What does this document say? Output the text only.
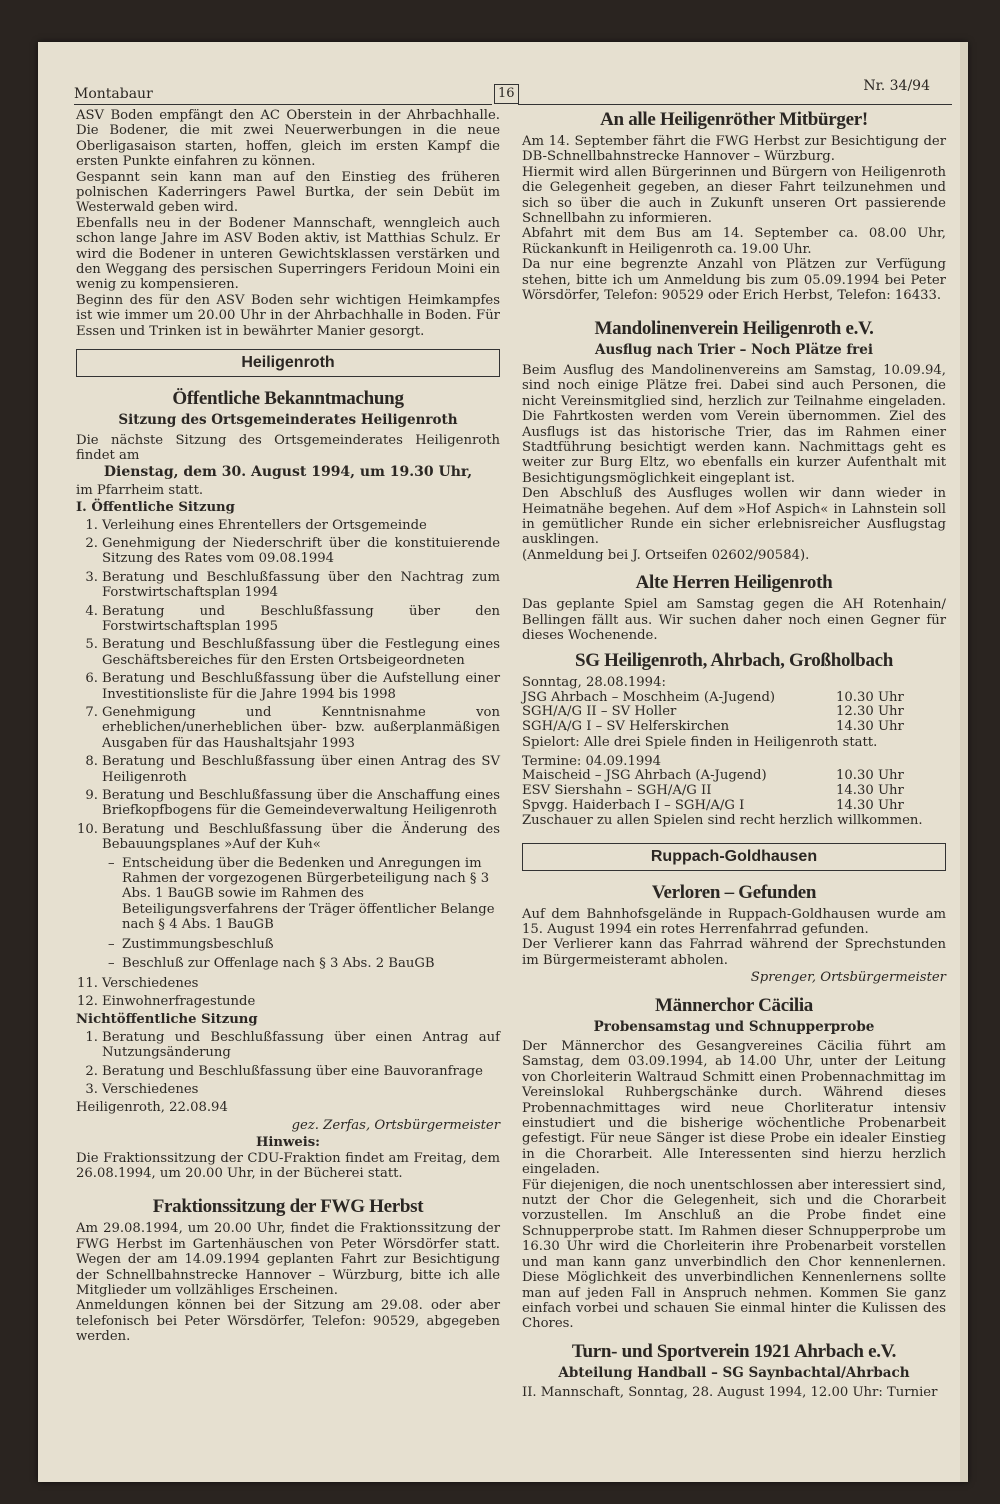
Montabaur	16	Nr. 34/94

ASV Boden empfängt den AC Oberstein in der Ahrbachhalle. Die Bodener, die mit zwei Neuerwerbungen in die neue Oberligasaison starten, hoffen, gleich im ersten Kampf die ersten Punkte einfahren zu können.

Gespannt sein kann man auf den Einstieg des früheren polnischen Kaderringers Pawel Burtka, der sein Debüt im Westerwald geben wird.

Ebenfalls neu in der Bodener Mannschaft, wenngleich auch schon lange Jahre im ASV Boden aktiv, ist Matthias Schulz. Er wird die Bodener in unteren Gewichtsklassen verstärken und den Weggang des persischen Superringers Feridoun Moini ein wenig zu kompensieren.

Beginn des für den ASV Boden sehr wichtigen Heimkampfes ist wie immer um 20.00 Uhr in der Ahrbachhalle in Boden. Für Essen und Trinken ist in bewährter Manier gesorgt.

Heiligenroth
Öffentliche Bekanntmachung
Sitzung des Ortsgemeinderates Heiligenroth

Die nächste Sitzung des Ortsgemeinderates Heiligenroth findet am

Dienstag, dem 30. August 1994, um 19.30 Uhr,

im Pfarrheim statt.

I. Öffentliche Sitzung
1. Verleihung eines Ehrentellers der Ortsgemeinde
2. Genehmigung der Niederschrift über die konstituierende Sitzung des Rates vom 09.08.1994
3. Beratung und Beschlußfassung über den Nachtrag zum Forstwirtschaftsplan 1994
4. Beratung und Beschlußfassung über den Forstwirtschaftsplan 1995
5. Beratung und Beschlußfassung über die Festlegung eines Geschäftsbereiches für den Ersten Ortsbeigeordneten
6. Beratung und Beschlußfassung über die Aufstellung einer Investitionsliste für die Jahre 1994 bis 1998
7. Genehmigung und Kenntnisnahme von erheblichen/unerheblichen über- bzw. außerplanmäßigen Ausgaben für das Haushaltsjahr 1993
8. Beratung und Beschlußfassung über einen Antrag des SV Heiligenroth
9. Beratung und Beschlußfassung über die Anschaffung eines Briefkopfbogens für die Gemeindeverwaltung Heiligenroth
10. Beratung und Beschlußfassung über die Änderung des Bebauungsplanes »Auf der Kuh«
– Entscheidung über die Bedenken und Anregungen im Rahmen der vorgezogenen Bürgerbeteiligung nach § 3 Abs. 1 BauGB sowie im Rahmen des Beteiligungsverfahrens der Träger öffentlicher Belange nach § 4 Abs. 1 BauGB
– Zustimmungsbeschluß
– Beschluß zur Offenlage nach § 3 Abs. 2 BauGB
11. Verschiedenes
12. Einwohnerfragestunde
Nichtöffentliche Sitzung
1. Beratung und Beschlußfassung über einen Antrag auf Nutzungsänderung
2. Beratung und Beschlußfassung über eine Bauvoranfrage
3. Verschiedenes

Heiligenroth, 22.08.94

gez. Zerfas, Ortsbürgermeister
Hinweis:

Die Fraktionssitzung der CDU-Fraktion findet am Freitag, dem 26.08.1994, um 20.00 Uhr, in der Bücherei statt.

Fraktionssitzung der FWG Herbst

Am 29.08.1994, um 20.00 Uhr, findet die Fraktionssitzung der FWG Herbst im Gartenhäuschen von Peter Wörsdörfer statt. Wegen der am 14.09.1994 geplanten Fahrt zur Besichtigung der Schnellbahnstrecke Hannover – Würzburg, bitte ich alle Mitglieder um vollzähliges Erscheinen.

Anmeldungen können bei der Sitzung am 29.08. oder aber telefonisch bei Peter Wörsdörfer, Telefon: 90529, abgegeben werden.

An alle Heiligenröther Mitbürger!

Am 14. September fährt die FWG Herbst zur Besichtigung der DB-Schnellbahnstrecke Hannover – Würzburg.

Hiermit wird allen Bürgerinnen und Bürgern von Heiligenroth die Gelegenheit gegeben, an dieser Fahrt teilzunehmen und sich so über die auch in Zukunft unseren Ort passierende Schnellbahn zu informieren.

Abfahrt mit dem Bus am 14. September ca. 08.00 Uhr, Rückankunft in Heiligenroth ca. 19.00 Uhr.

Da nur eine begrenzte Anzahl von Plätzen zur Verfügung stehen, bitte ich um Anmeldung bis zum 05.09.1994 bei Peter Wörsdörfer, Telefon: 90529 oder Erich Herbst, Telefon: 16433.

Mandolinenverein Heiligenroth e.V.
Ausflug nach Trier – Noch Plätze frei

Beim Ausflug des Mandolinenvereins am Samstag, 10.09.94, sind noch einige Plätze frei. Dabei sind auch Personen, die nicht Vereinsmitglied sind, herzlich zur Teilnahme eingeladen. Die Fahrtkosten werden vom Verein übernommen. Ziel des Ausflugs ist das historische Trier, das im Rahmen einer Stadtführung besichtigt werden kann. Nachmittags geht es weiter zur Burg Eltz, wo ebenfalls ein kurzer Aufenthalt mit Besichtigungsmöglichkeit eingeplant ist.

Den Abschluß des Ausfluges wollen wir dann wieder in Heimatnähe begehen. Auf dem »Hof Aspich« in Lahnstein soll in gemütlicher Runde ein sicher erlebnisreicher Ausflugstag ausklingen.

(Anmeldung bei J. Ortseifen 02602/90584).

Alte Herren Heiligenroth

Das geplante Spiel am Samstag gegen die AH Rotenhain/ Bellingen fällt aus. Wir suchen daher noch einen Gegner für dieses Wochenende.

SG Heiligenroth, Ahrbach, Großholbach

Sonntag, 28.08.1994:

JSG Ahrbach – Moschheim (A-Jugend)	10.30 Uhr
SGH/A/G II – SV Holler	12.30 Uhr
SGH/A/G I – SV Helferskirchen	14.30 Uhr

Spielort: Alle drei Spiele finden in Heiligenroth statt.

Termine: 04.09.1994

Maischeid – JSG Ahrbach (A-Jugend)	10.30 Uhr
ESV Siershahn – SGH/A/G II	14.30 Uhr
Spvgg. Haiderbach I – SGH/A/G I	14.30 Uhr

Zuschauer zu allen Spielen sind recht herzlich willkommen.

Ruppach-Goldhausen
Verloren – Gefunden

Auf dem Bahnhofsgelände in Ruppach-Goldhausen wurde am 15. August 1994 ein rotes Herrenfahrrad gefunden.

Der Verlierer kann das Fahrrad während der Sprechstunden im Bürgermeisteramt abholen.

Sprenger, Ortsbürgermeister
Männerchor Cäcilia
Probensamstag und Schnupperprobe

Der Männerchor des Gesangvereines Cäcilia führt am Samstag, dem 03.09.1994, ab 14.00 Uhr, unter der Leitung von Chorleiterin Waltraud Schmitt einen Probennachmittag im Vereinslokal Ruhbergschänke durch. Während dieses Probennachmittages wird neue Chorliteratur intensiv einstudiert und die bisherige wöchentliche Probenarbeit gefestigt. Für neue Sänger ist diese Probe ein idealer Einstieg in die Chorarbeit. Alle Interessenten sind hierzu herzlich eingeladen.

Für diejenigen, die noch unentschlossen aber interessiert sind, nutzt der Chor die Gelegenheit, sich und die Chorarbeit vorzustellen. Im Anschluß an die Probe findet eine Schnupperprobe statt. Im Rahmen dieser Schnupperprobe um 16.30 Uhr wird die Chorleiterin ihre Probenarbeit vorstellen und man kann ganz unverbindlich den Chor kennenlernen. Diese Möglichkeit des unverbindlichen Kennenlernens sollte man auf jeden Fall in Anspruch nehmen. Kommen Sie ganz einfach vorbei und schauen Sie einmal hinter die Kulissen des Chores.

Turn- und Sportverein 1921 Ahrbach e.V.
Abteilung Handball – SG Saynbachtal/Ahrbach

II. Mannschaft, Sonntag, 28. August 1994, 12.00 Uhr: Turnier
